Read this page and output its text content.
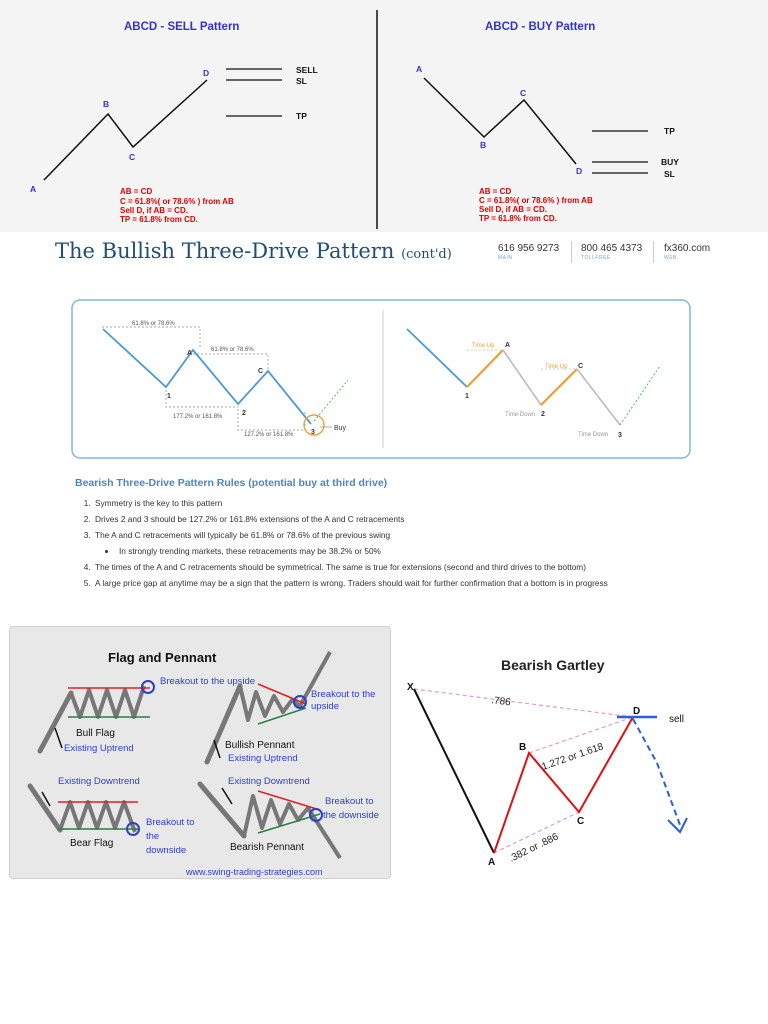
ABCD - SELL Pattern
A
B
C
D	SELL
SL
TP
AB = CD
C = 61.8%( or 78.6% ) from AB
Sell D, if AB = CD.
TP = 61.8% from CD.
ABCD - BUY Pattern
A
B
C
D
TP
BUY
SL
AB = CD
C = 61.8%( or 78.6% ) from AB
Sell D, if AB = CD.
TP = 61.8% from CD.
The Bullish Three-Drive Pattern (cont'd)	616 956 9273
MAIN
800 465 4373
TOLLFREE
fx360.com
WEB
61.8% or 78.6%
61.8% or 78.6%
177.2% or 161.8%
127.2% or 161.8%
A
C
1
2
3
Buy
Time Up
Time Up
Time Down
Time Down
A
C
1
2
3
Bearish Three-Drive Pattern Rules (potential buy at third drive)
1. Symmetry is the key to this pattern
2. Drives 2 and 3 should be 127.2% or 161.8% extensions of the A and C retracements
3. The A and C retracements will typically be 61.8% or 78.6% of the previous swing
• In strongly trending markets, these retracements may be 38.2% or 50%
4. The times of the A and C retracements should be symmetrical. The same is true for extensions (second and third drives to the bottom)
5. A large price gap at anytime may be a sign that the pattern is wrong. Traders should wait for further confirmation that a bottom is in progress
Flag and Pennant
Breakout to the upside
Bull Flag
Existing Uptrend
Breakout to the
upside
Bullish Pennant
Existing Uptrend
Existing Downtrend
Bear Flag
Breakout to
the
downside
Existing Downtrend
Breakout to
the downside
Bearish Pennant
www.swing-trading-strategies.com
Bearish Gartley
X
A
B
C
D
sell
.786
1.272 or 1.618
.382 or .886
